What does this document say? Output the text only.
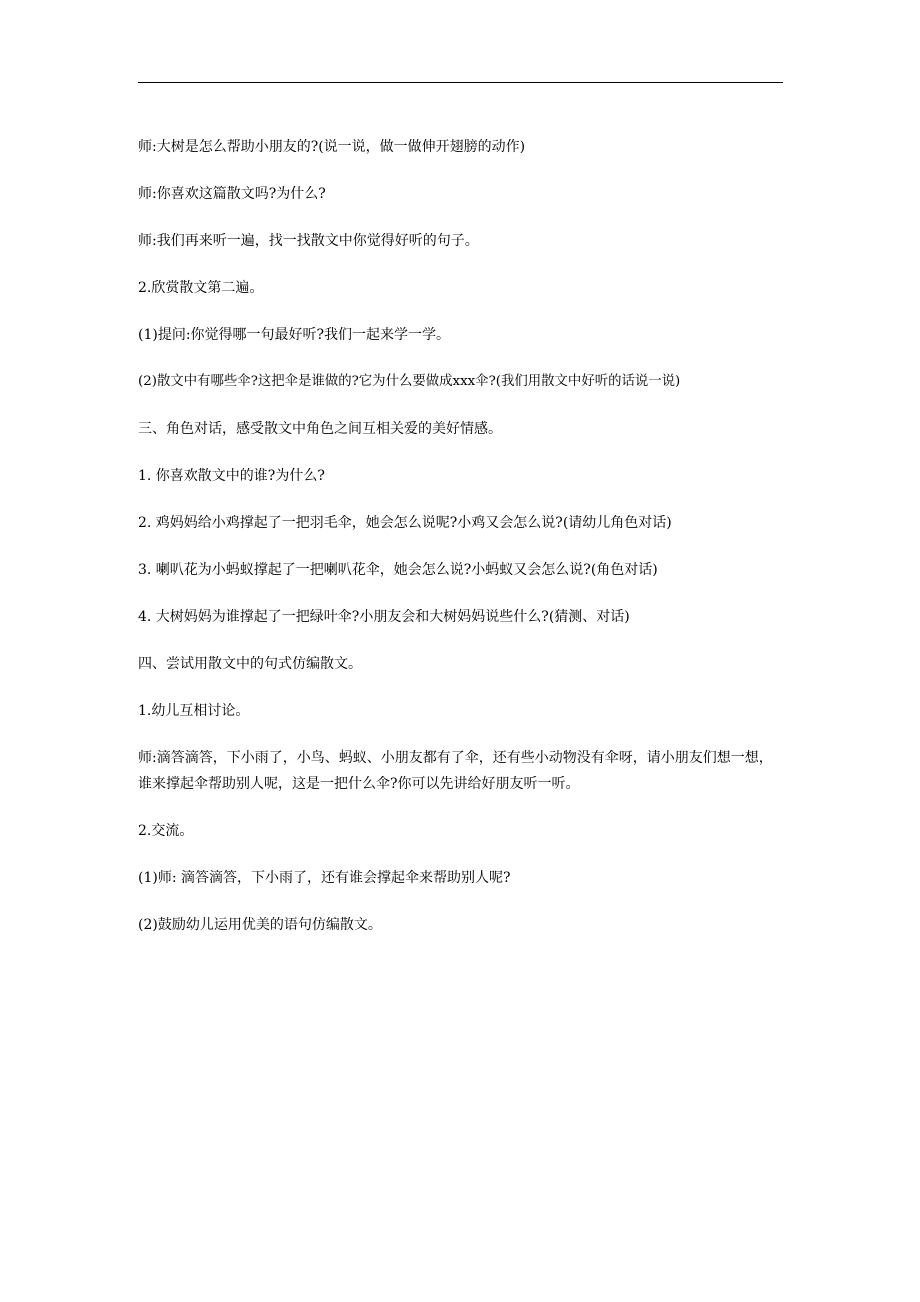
师:大树是怎么帮助小朋友的?(说一说，做一做伸开翅膀的动作)

师:你喜欢这篇散文吗?为什么?

师:我们再来听一遍，找一找散文中你觉得好听的句子。

2.欣赏散文第二遍。

(1)提问:你觉得哪一句最好听?我们一起来学一学。

(2)散文中有哪些伞?这把伞是谁做的?它为什么要做成xxx伞?(我们用散文中好听的话说一说)

三、角色对话，感受散文中角色之间互相关爱的美好情感。

1. 你喜欢散文中的谁?为什么?

2. 鸡妈妈给小鸡撑起了一把羽毛伞，她会怎么说呢?小鸡又会怎么说?(请幼儿角色对话)

3. 喇叭花为小蚂蚁撑起了一把喇叭花伞，她会怎么说?小蚂蚁又会怎么说?(角色对话)

4. 大树妈妈为谁撑起了一把绿叶伞?小朋友会和大树妈妈说些什么?(猜测、对话)

四、尝试用散文中的句式仿编散文。

1.幼儿互相讨论。

师:滴答滴答，下小雨了，小鸟、蚂蚁、小朋友都有了伞，还有些小动物没有伞呀，请小朋友们想一想，谁来撑起伞帮助别人呢，这是一把什么伞?你可以先讲给好朋友听一听。

2.交流。

(1)师: 滴答滴答，下小雨了，还有谁会撑起伞来帮助别人呢?

(2)鼓励幼儿运用优美的语句仿编散文。
